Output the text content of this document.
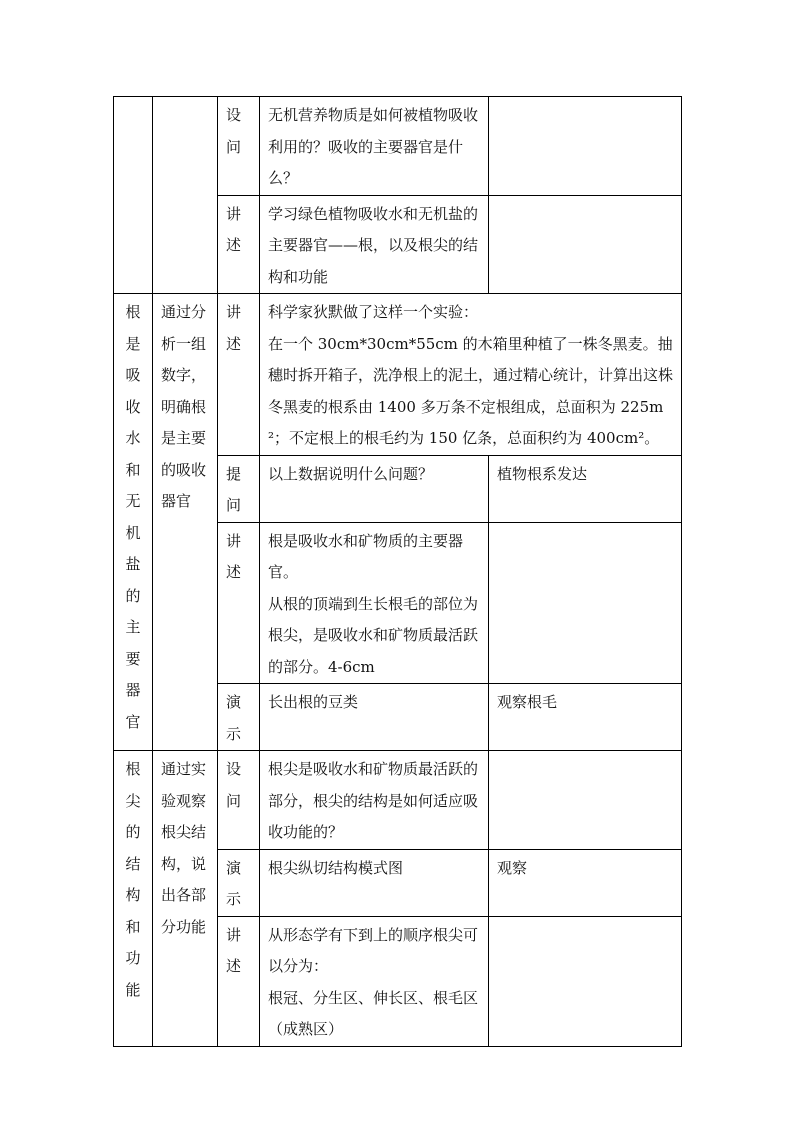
		设问	无机营养物质是如何被植物吸收利用的？吸收的主要器官是什么？	

		讲述	学习绿色植物吸收水和无机盐的主要器官——根，以及根尖的结构和功能	

根是吸收水和无机盐的主要器官	通过分析一组数字，明确根是主要的吸收器官	讲述	科学家狄默做了这样一个实验：
在一个 30cm*30cm*55cm 的木箱里种植了一株冬黑麦。抽穗时拆开箱子，洗净根上的泥土，通过精心统计，计算出这株冬黑麦的根系由 1400 多万条不定根组成，总面积为 225m²；不定根上的根毛约为 150 亿条，总面积约为 400cm²。	

		提问	以上数据说明什么问题？	植物根系发达

		讲述	根是吸收水和矿物质的主要器官。
从根的顶端到生长根毛的部位为根尖，是吸收水和矿物质最活跃的部分。4-6cm	

		演示	长出根的豆类	观察根毛

根尖的结构和功能	通过实验观察根尖结构，说出各部分功能	设问	根尖是吸收水和矿物质最活跃的部分，根尖的结构是如何适应吸收功能的？	

		演示	根尖纵切结构模式图	观察

		讲述	从形态学有下到上的顺序根尖可以分为：
根冠、分生区、伸长区、根毛区（成熟区）	
